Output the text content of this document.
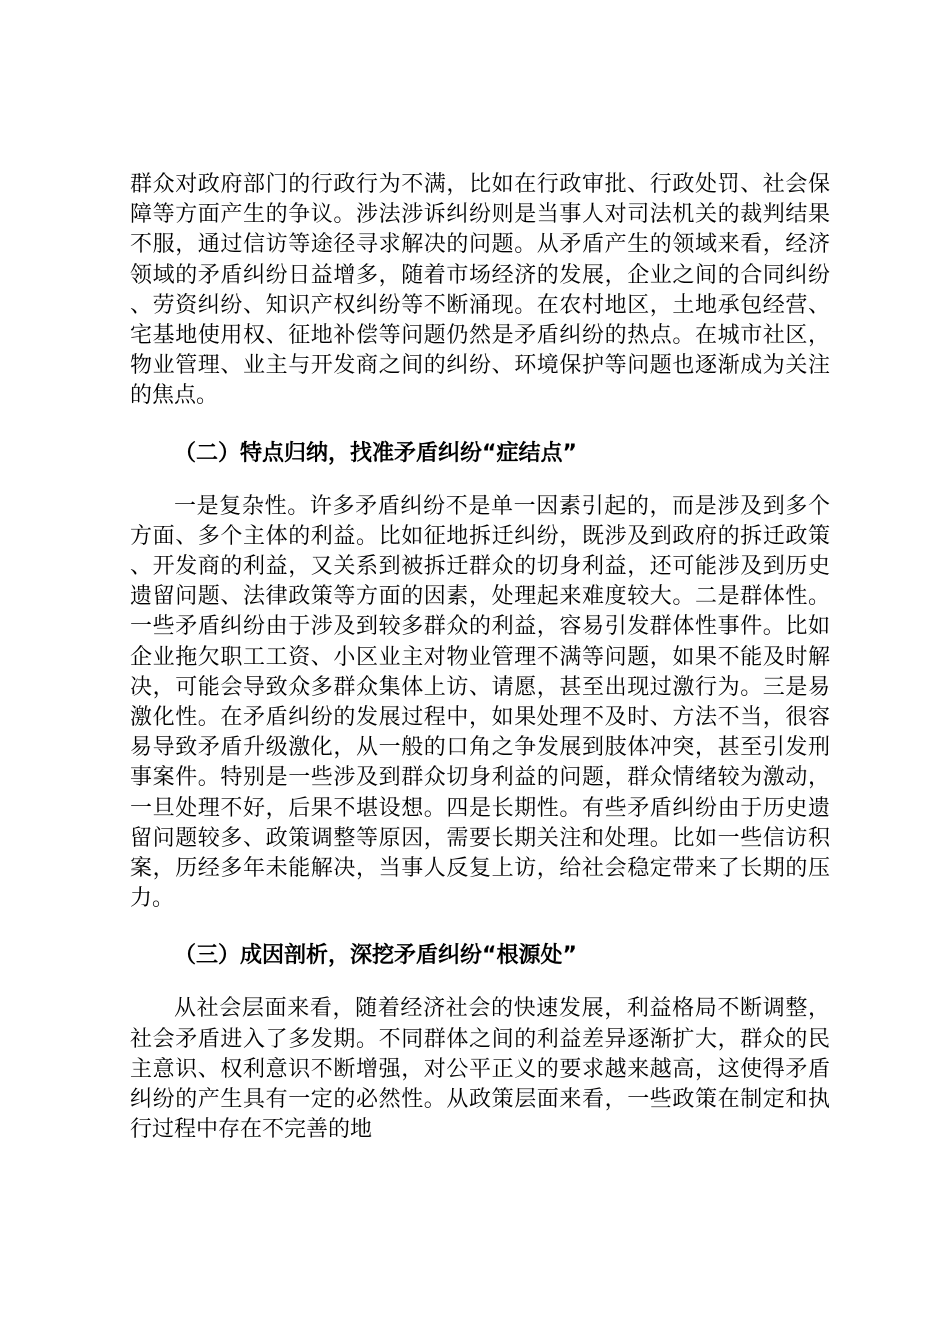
群众对政府部门的行政行为不满，比如在行政审批、行政处罚、社会保障等方面产生的争议。涉法涉诉纠纷则是当事人对司法机关的裁判结果不服，通过信访等途径寻求解决的问题。从矛盾产生的领域来看，经济领域的矛盾纠纷日益增多，随着市场经济的发展，企业之间的合同纠纷、劳资纠纷、知识产权纠纷等不断涌现。在农村地区，土地承包经营、宅基地使用权、征地补偿等问题仍然是矛盾纠纷的热点。在城市社区，物业管理、业主与开发商之间的纠纷、环境保护等问题也逐渐成为关注的焦点。

（二）特点归纳，找准矛盾纠纷“症结点”

一是复杂性。许多矛盾纠纷不是单一因素引起的，而是涉及到多个方面、多个主体的利益。比如征地拆迁纠纷，既涉及到政府的拆迁政策、开发商的利益，又关系到被拆迁群众的切身利益，还可能涉及到历史遗留问题、法律政策等方面的因素，处理起来难度较大。二是群体性。一些矛盾纠纷由于涉及到较多群众的利益，容易引发群体性事件。比如企业拖欠职工工资、小区业主对物业管理不满等问题，如果不能及时解决，可能会导致众多群众集体上访、请愿，甚至出现过激行为。三是易激化性。在矛盾纠纷的发展过程中，如果处理不及时、方法不当，很容易导致矛盾升级激化，从一般的口角之争发展到肢体冲突，甚至引发刑事案件。特别是一些涉及到群众切身利益的问题，群众情绪较为激动，一旦处理不好，后果不堪设想。四是长期性。有些矛盾纠纷由于历史遗留问题较多、政策调整等原因，需要长期关注和处理。比如一些信访积案，历经多年未能解决，当事人反复上访，给社会稳定带来了长期的压力。

（三）成因剖析，深挖矛盾纠纷“根源处”

从社会层面来看，随着经济社会的快速发展，利益格局不断调整，社会矛盾进入了多发期。不同群体之间的利益差异逐渐扩大，群众的民主意识、权利意识不断增强，对公平正义的要求越来越高，这使得矛盾纠纷的产生具有一定的必然性。从政策层面来看，一些政策在制定和执行过程中存在不完善的地
